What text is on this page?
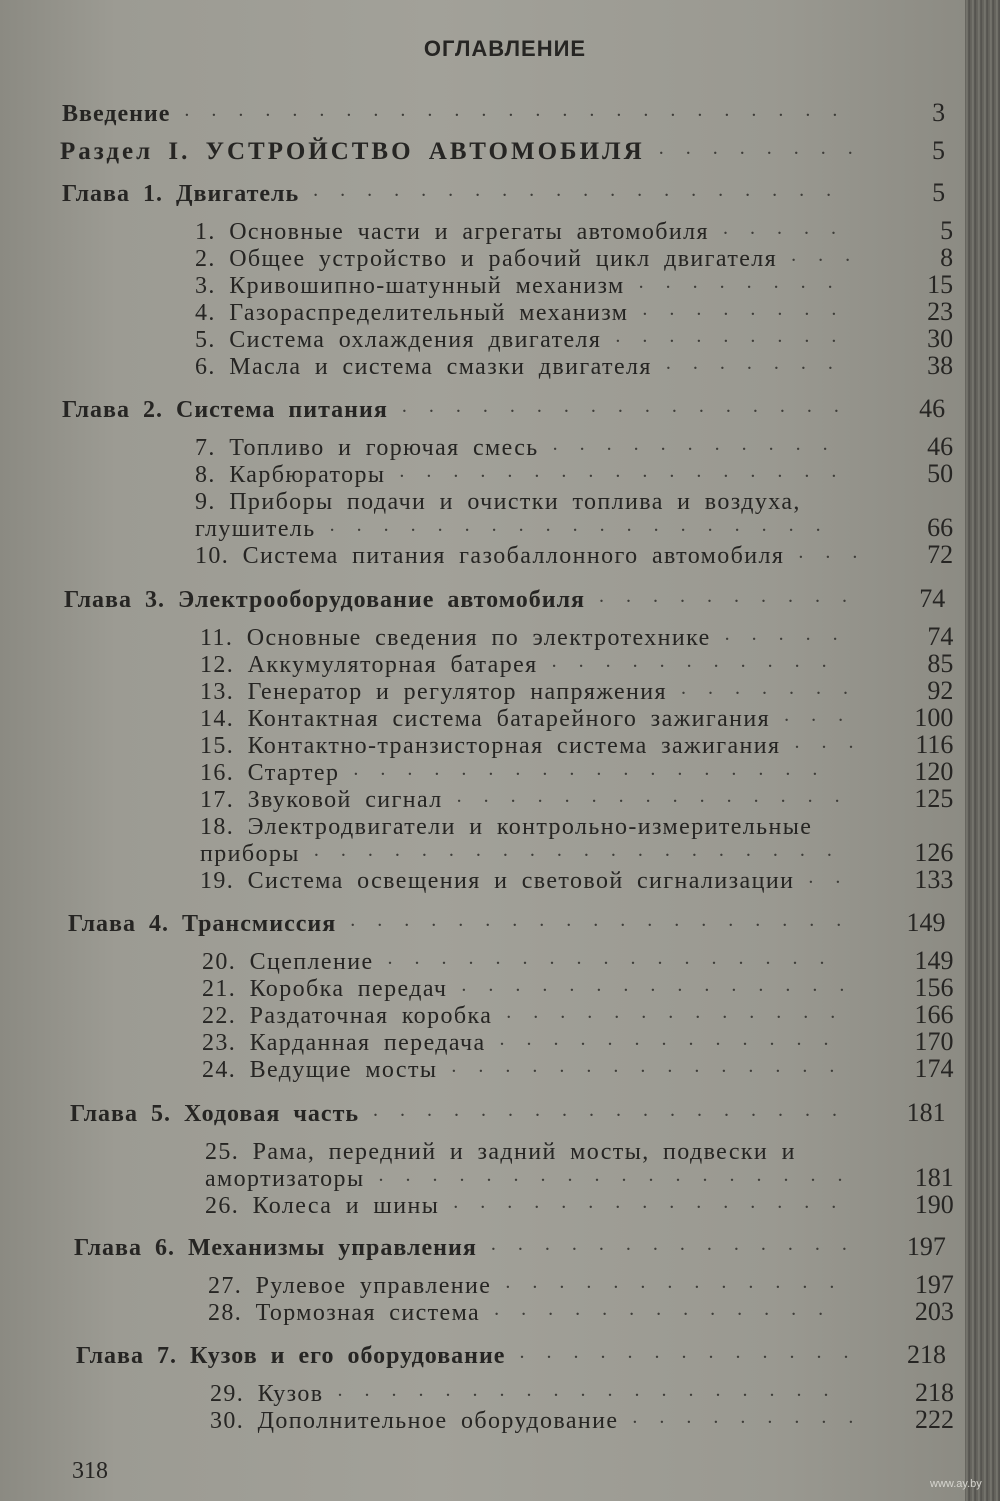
ОГЛАВЛЕНИЕ
Введение	3
.........................
Раздел I. УСТРОЙСТВО АВТОМОБИЛЯ	5
........
Глава 1. Двигатель	5
....................
1. Основные части и агрегаты автомобиля	5
.....
2. Общее устройство и рабочий цикл двигателя	8
...
3. Кривошипно-шатунный механизм	15
........
4. Газораспределительный механизм	23
........
5. Система охлаждения двигателя	30
.........
6. Масла и система смазки двигателя	38
.......
Глава 2. Система питания	46
.................
7. Топливо и горючая смесь	46
...........
8. Карбюраторы	50
.................
9. Приборы подачи и очистки топлива и воздуха,
глушитель	66
...................
10. Система питания газобаллонного автомобиля	72
...
Глава 3. Электрооборудование автомобиля	74
..........
11. Основные сведения по электротехнике	74
.....
12. Аккумуляторная батарея	85
...........
13. Генератор и регулятор напряжения	92
.......
14. Контактная система батарейного зажигания	100
...
15. Контактно-транзисторная система зажигания	116
...
16. Стартер	120
..................
17. Звуковой сигнал	125
...............
18. Электродвигатели и контрольно-измерительные
приборы	126
....................
19. Система освещения и световой сигнализации	133
..
Глава 4. Трансмиссия	149
...................
20. Сцепление	149
.................
21. Коробка передач	156
...............
22. Раздаточная коробка	166
.............
23. Карданная передача	170
.............
24. Ведущие мосты	174
...............
Глава 5. Ходовая часть	181
..................
25. Рама, передний и задний мосты, подвески и
амортизаторы	181
..................
26. Колеса и шины	190
...............
Глава 6. Механизмы управления	197
..............
27. Рулевое управление	197
.............
28. Тормозная система	203
.............
Глава 7. Кузов и его оборудование	218
.............
29. Кузов	218
...................
30. Дополнительное оборудование	222
.........
318	www.ay.by
